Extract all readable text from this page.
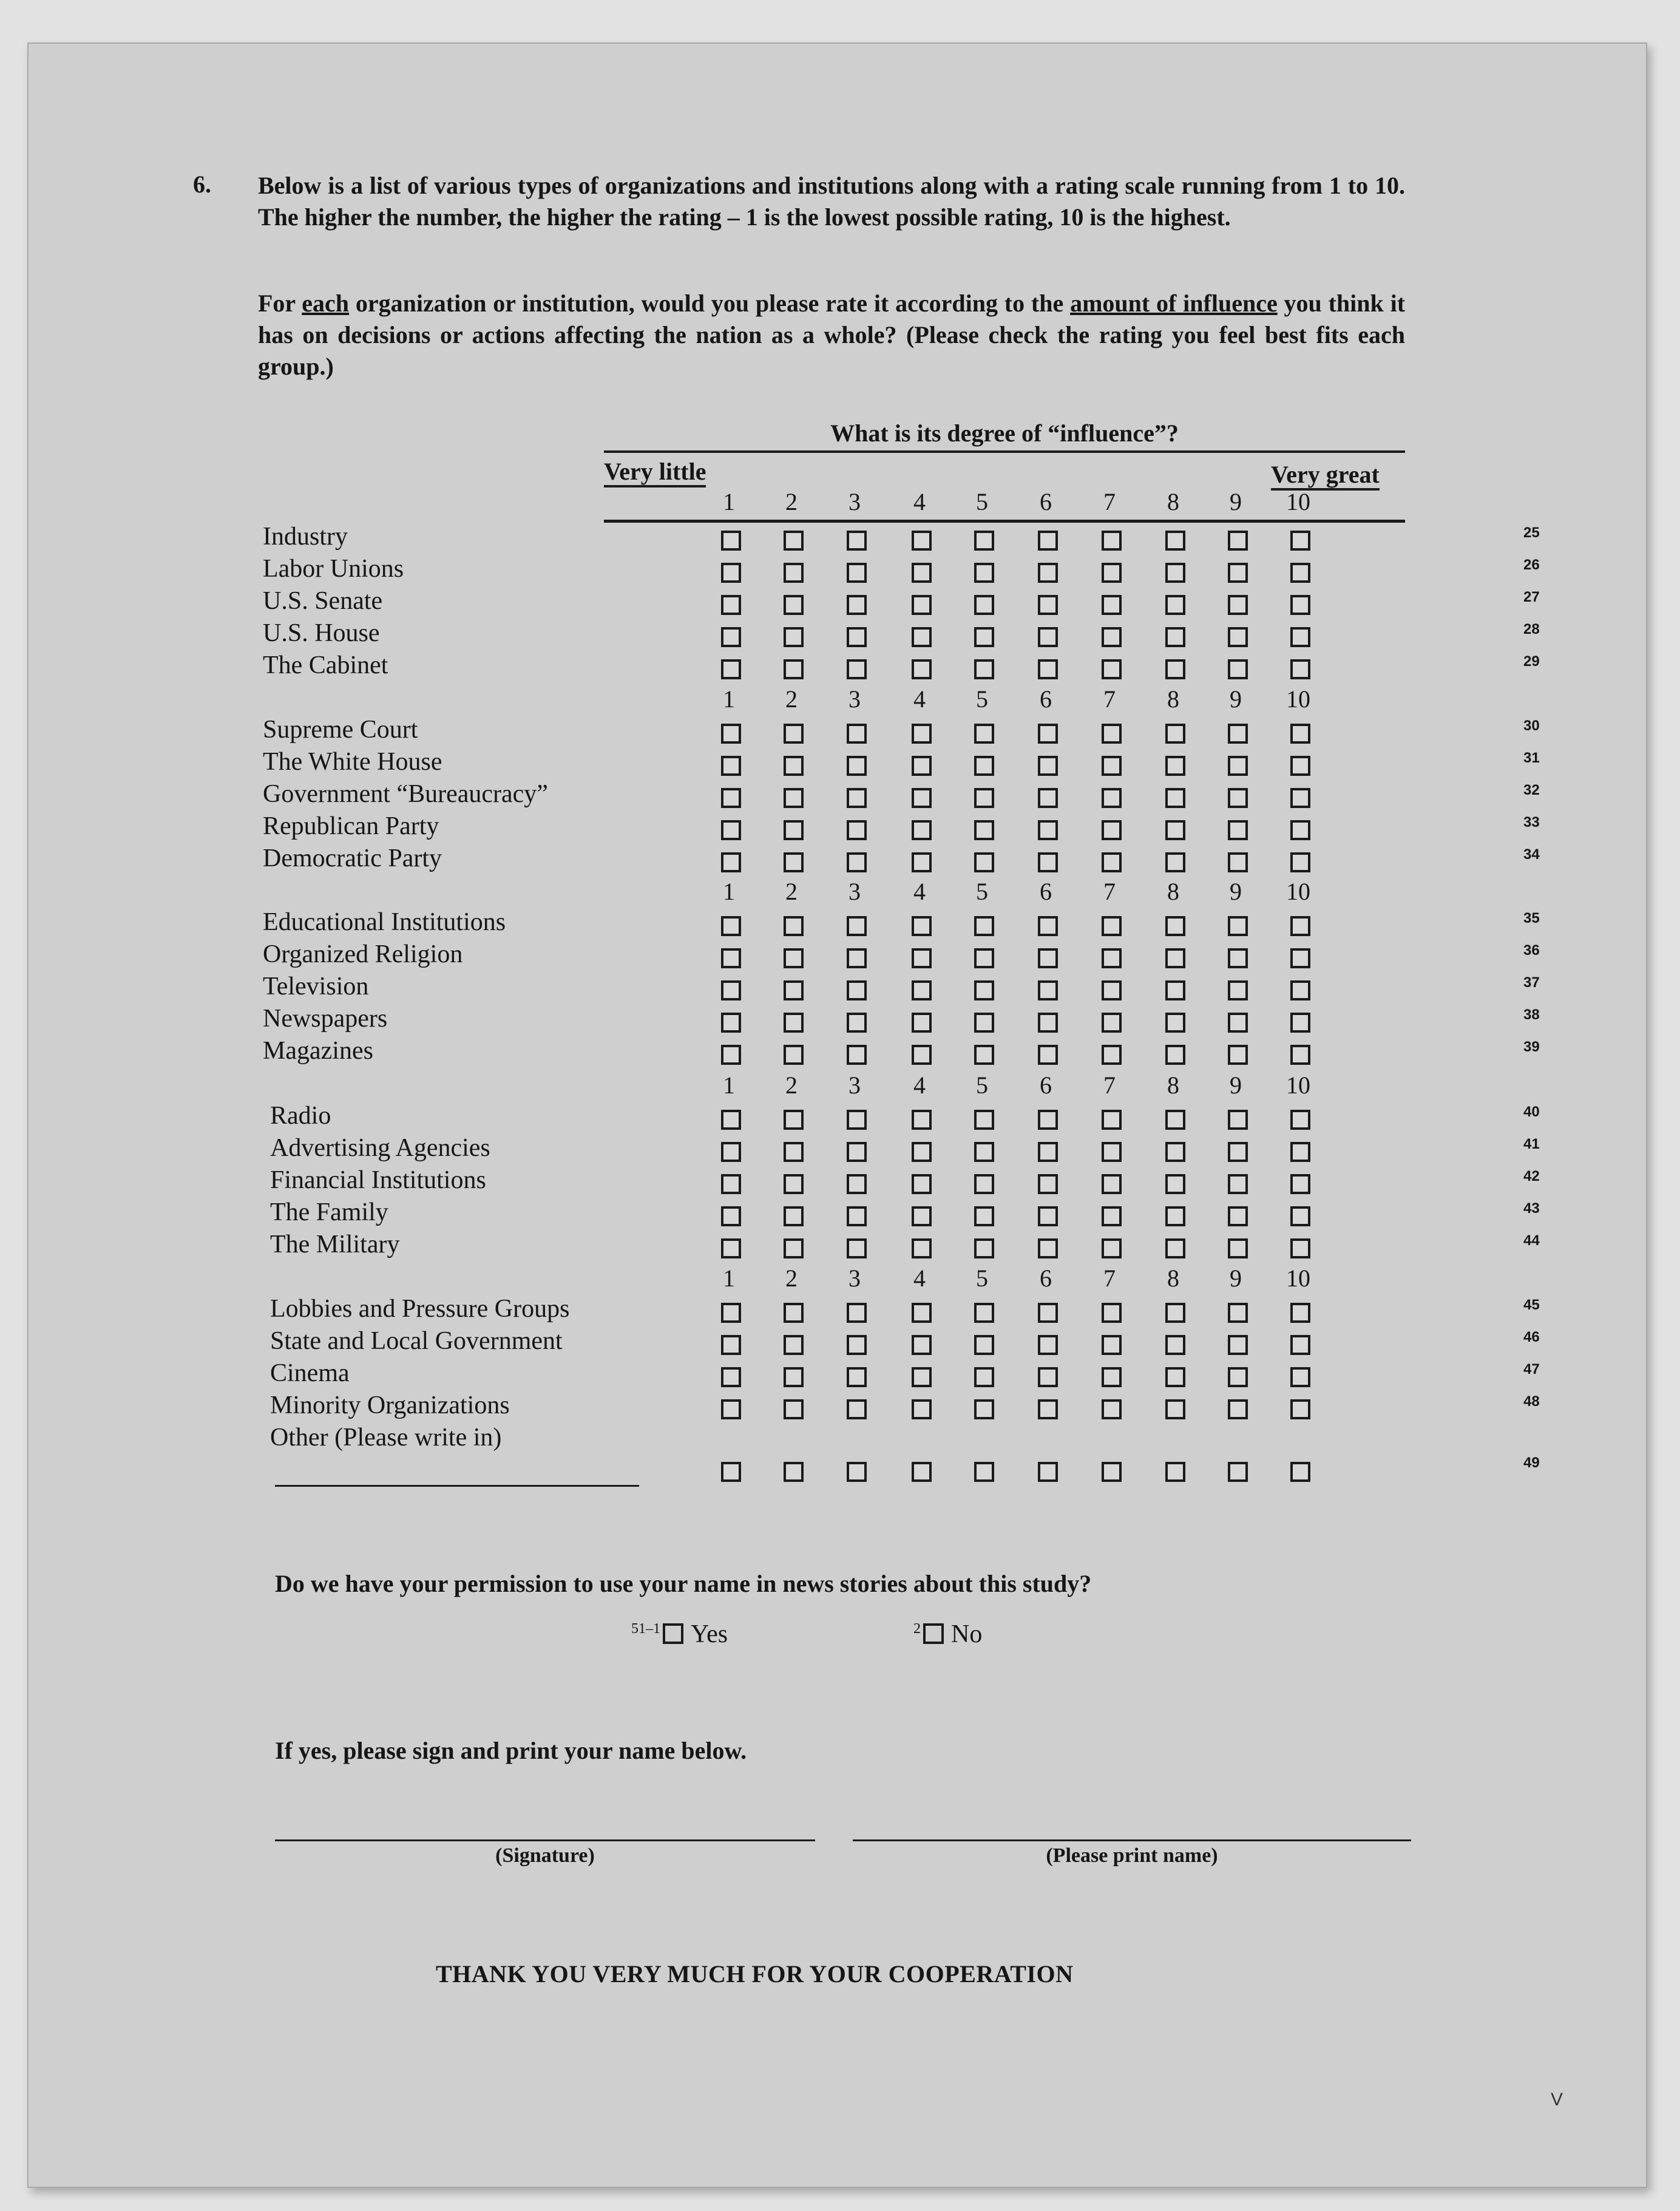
6. Below is a list of various types of organizations and institutions along with a rating scale running from 1 to 10. The higher the number, the higher the rating – 1 is the lowest possible rating, 10 is the highest.

For each organization or institution, would you please rate it according to the amount of influence you think it has on decisions or actions affecting the nation as a whole? (Please check the rating you feel best fits each group.)

What is its degree of “influence”?
Very little	Very great
1	2	3	4	5	6	7	8	9	10
Industry	25
Labor Unions	26
U.S. Senate	27
U.S. House	28
The Cabinet	29
1	2	3	4	5	6	7	8	9	10
Supreme Court	30
The White House	31
Government “Bureaucracy”	32
Republican Party	33
Democratic Party	34
1	2	3	4	5	6	7	8	9	10
Educational Institutions	35
Organized Religion	36
Television	37
Newspapers	38
Magazines	39
1	2	3	4	5	6	7	8	9	10
Radio	40
Advertising Agencies	41
Financial Institutions	42
The Family	43
The Military	44
1	2	3	4	5	6	7	8	9	10
Lobbies and Pressure Groups	45
State and Local Government	46
Cinema	47
Minority Organizations	48
Other (Please write in)
49
Do we have your permission to use your name in news stories about this study?
$^{51-1}$ Yes	$^2$ No
If yes, please sign and print your name below.
(Signature)	(Please print name)
THANK YOU VERY MUCH FOR YOUR COOPERATION
V
